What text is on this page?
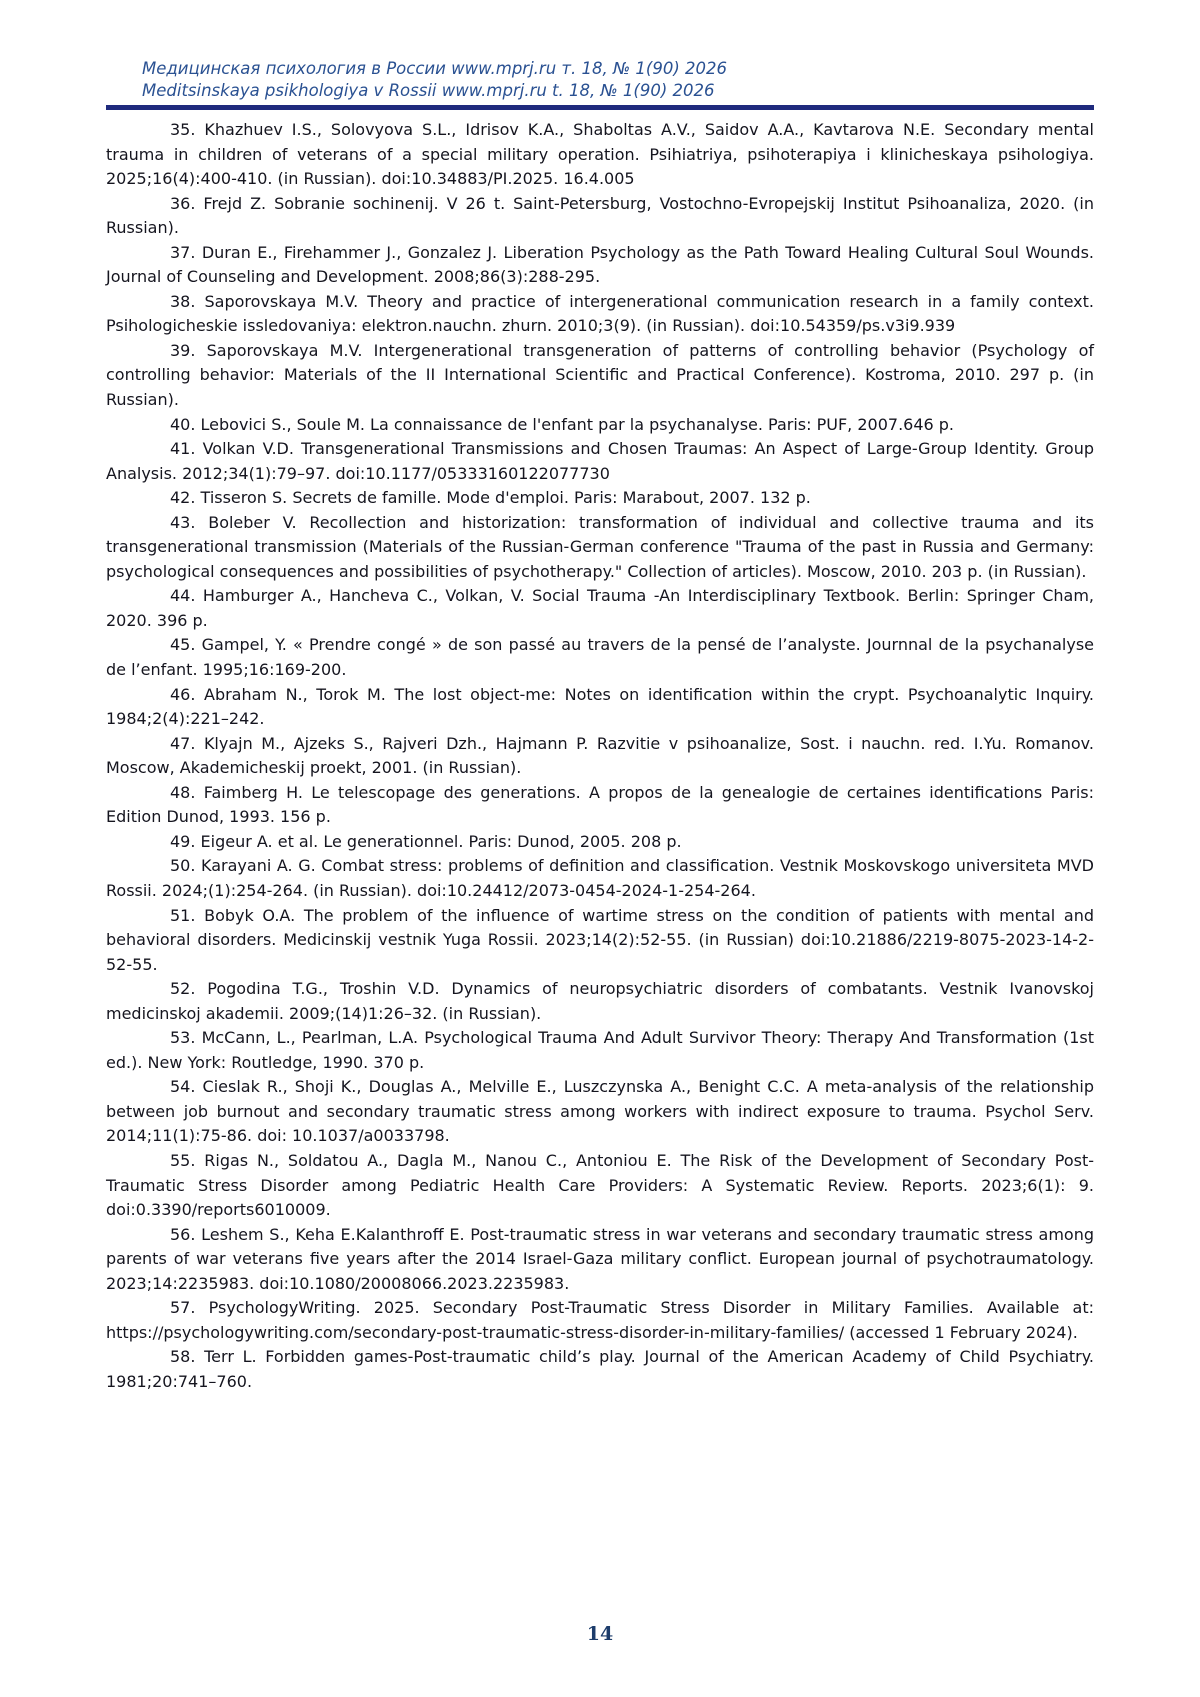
Медицинская психология в России www.mprj.ru т. 18, № 1(90) 2026
Meditsinskaya psikhologiya v Rossii www.mprj.ru t. 18, № 1(90) 2026

35. Khazhuev I.S., Solovyova S.L., Idrisov K.A., Shaboltas A.V., Saidov A.A., Kavtarova N.E. Secondary mental trauma in children of veterans of a special military operation. Psihiatriya, psihoterapiya i klinicheskaya psihologiya. 2025;16(4):400-410. (in Russian). doi:10.34883/PI.2025. 16.4.005

36. Frejd Z. Sobranie sochinenij. V 26 t. Saint-Petersburg, Vostochno-Evropejskij Institut Psihoanaliza, 2020. (in Russian).

37. Duran E., Firehammer J., Gonzalez J. Liberation Psychology as the Path Toward Healing Cultural Soul Wounds. Journal of Counseling and Development. 2008;86(3):288-295.

38. Saporovskaya M.V. Theory and practice of intergenerational communication research in a family context. Psihologicheskie issledovaniya: elektron.nauchn. zhurn. 2010;3(9). (in Russian). doi:10.54359/ps.v3i9.939

39. Saporovskaya M.V. Intergenerational transgeneration of patterns of controlling behavior (Psychology of controlling behavior: Materials of the II International Scientific and Practical Conference). Kostroma, 2010. 297 p. (in Russian).

40. Lebovici S., Soule M. La connaissance de l'enfant par la psychanalyse. Paris: PUF, 2007.646 p.

41. Volkan V.D. Transgenerational Transmissions and Chosen Traumas: An Aspect of Large-Group Identity. Group Analysis. 2012;34(1):79–97. doi:10.1177/05333160122077730

42. Tisseron S. Secrets de famille. Mode d'emploi. Paris: Marabout, 2007. 132 p.

43. Boleber V. Recollection and historization: transformation of individual and collective trauma and its transgenerational transmission (Materials of the Russian-German conference "Trauma of the past in Russia and Germany: psychological consequences and possibilities of psychotherapy." Collection of articles). Moscow, 2010. 203 p. (in Russian).

44. Hamburger A., Hancheva C., Volkan, V. Social Trauma -An Interdisciplinary Textbook. Berlin: Springer Cham, 2020. 396 p.

45. Gampel, Y. « Prendre congé » de son passé au travers de la pensé de l’analyste. Journnal de la psychanalyse de l’enfant. 1995;16:169-200.

46. Abraham N., Torok M. The lost object-me: Notes on identification within the crypt. Psychoanalytic Inquiry. 1984;2(4):221–242.

47. Klyajn M., Ajzeks S., Rajveri Dzh., Hajmann P. Razvitie v psihoanalize, Sost. i nauchn. red. I.Yu. Romanov. Moscow, Akademicheskij proekt, 2001. (in Russian).

48. Faimberg H. Le telescopage des generations. A propos de la genealogie de certaines identifications Paris: Edition Dunod, 1993. 156 p.

49. Eigeur A. et al. Le generationnel. Paris: Dunod, 2005. 208 p.

50. Karayani A. G. Combat stress: problems of definition and classification. Vestnik Moskovskogo universiteta MVD Rossii. 2024;(1):254-264. (in Russian). doi:10.24412/2073-0454-2024-1-254-264.

51. Bobyk O.A. The problem of the influence of wartime stress on the condition of patients with mental and behavioral disorders. Medicinskij vestnik Yuga Rossii. 2023;14(2):52-55. (in Russian) doi:10.21886/2219-8075-2023-14-2-52-55.

52. Pogodina T.G., Troshin V.D. Dynamics of neuropsychiatric disorders of combatants. Vestnik Ivanovskoj medicinskoj akademii. 2009;(14)1:26–32. (in Russian).

53. McCann, L., Pearlman, L.A. Psychological Trauma And Adult Survivor Theory: Therapy And Transformation (1st ed.). New York: Routledge, 1990. 370 p.

54. Cieslak R., Shoji K., Douglas A., Melville E., Luszczynska A., Benight C.C. A meta-analysis of the relationship between job burnout and secondary traumatic stress among workers with indirect exposure to trauma. Psychol Serv. 2014;11(1):75-86. doi: 10.1037/a0033798.

55. Rigas N., Soldatou A., Dagla M., Nanou C., Antoniou E. The Risk of the Development of Secondary Post-Traumatic Stress Disorder among Pediatric Health Care Providers: A Systematic Review. Reports. 2023;6(1): 9. doi:0.3390/reports6010009.

56. Leshem S., Keha E.Kalanthroff E. Post-traumatic stress in war veterans and secondary traumatic stress among parents of war veterans five years after the 2014 Israel-Gaza military conflict. European journal of psychotraumatology. 2023;14:2235983. doi:10.1080/20008066.2023.2235983.

57. PsychologyWriting. 2025. Secondary Post-Traumatic Stress Disorder in Military Families. Available at: https://psychologywriting.com/secondary-post-traumatic-stress-disorder-in-military-families/ (accessed 1 February 2024).

58. Terr L. Forbidden games-Post-traumatic child’s play. Journal of the American Academy of Child Psychiatry. 1981;20:741–760.

14
